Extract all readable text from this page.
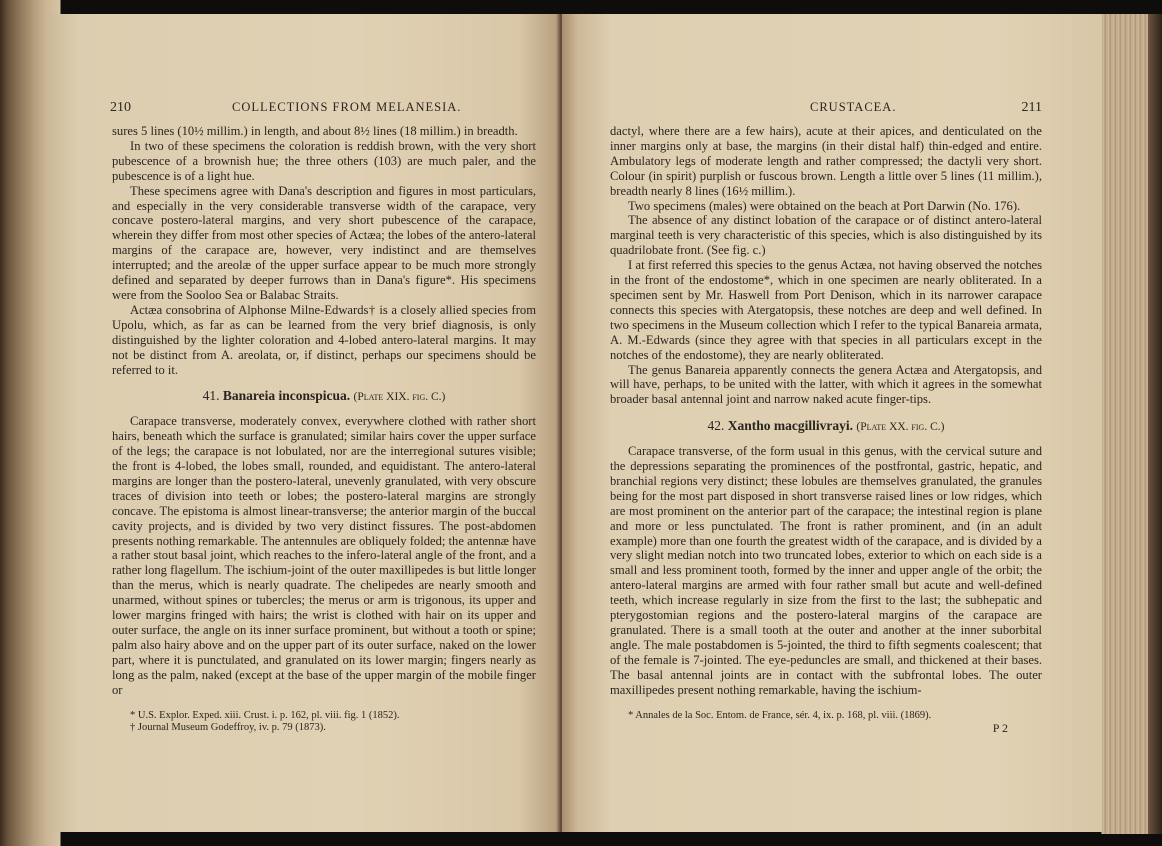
210	COLLECTIONS FROM MELANESIA.

sures 5 lines (10½ millim.) in length, and about 8½ lines (18 millim.) in breadth.

In two of these specimens the coloration is reddish brown, with the very short pubescence of a brownish hue; the three others (103) are much paler, and the pubescence is of a light hue.

These specimens agree with Dana's description and figures in most particulars, and especially in the very considerable transverse width of the carapace, very concave postero-lateral margins, and very short pubescence of the carapace, wherein they differ from most other species of Actæa; the lobes of the antero-lateral margins of the carapace are, however, very indistinct and are themselves interrupted; and the areolæ of the upper surface appear to be much more strongly defined and separated by deeper furrows than in Dana's figure*. His specimens were from the Sooloo Sea or Balabac Straits.

Actæa consobrina of Alphonse Milne-Edwards† is a closely allied species from Upolu, which, as far as can be learned from the very brief diagnosis, is only distinguished by the lighter coloration and 4-lobed antero-lateral margins. It may not be distinct from A. areolata, or, if distinct, perhaps our specimens should be referred to it.

41. Banareia inconspicua. (Plate XIX. fig. C.)

Carapace transverse, moderately convex, everywhere clothed with rather short hairs, beneath which the surface is granulated; similar hairs cover the upper surface of the legs; the carapace is not lobulated, nor are the interregional sutures visible; the front is 4-lobed, the lobes small, rounded, and equidistant. The antero-lateral margins are longer than the postero-lateral, unevenly granulated, with very obscure traces of division into teeth or lobes; the postero-lateral margins are strongly concave. The epistoma is almost linear-transverse; the anterior margin of the buccal cavity projects, and is divided by two very distinct fissures. The post-abdomen presents nothing remarkable. The antennules are obliquely folded; the antennæ have a rather stout basal joint, which reaches to the infero-lateral angle of the front, and a rather long flagellum. The ischium-joint of the outer maxillipedes is but little longer than the merus, which is nearly quadrate. The chelipedes are nearly smooth and unarmed, without spines or tubercles; the merus or arm is trigonous, its upper and lower margins fringed with hairs; the wrist is clothed with hair on its upper and outer surface, the angle on its inner surface prominent, but without a tooth or spine; palm also hairy above and on the upper part of its outer surface, naked on the lower part, where it is punctulated, and granulated on its lower margin; fingers nearly as long as the palm, naked (except at the base of the upper margin of the mobile finger or

* U.S. Explor. Exped. xiii. Crust. i. p. 162, pl. viii. fig. 1 (1852).
† Journal Museum Godeffroy, iv. p. 79 (1873).
CRUSTACEA.	211

dactyl, where there are a few hairs), acute at their apices, and denticulated on the inner margins only at base, the margins (in their distal half) thin-edged and entire. Ambulatory legs of moderate length and rather compressed; the dactyli very short. Colour (in spirit) purplish or fuscous brown. Length a little over 5 lines (11 millim.), breadth nearly 8 lines (16½ millim.).

Two specimens (males) were obtained on the beach at Port Darwin (No. 176).

The absence of any distinct lobation of the carapace or of distinct antero-lateral marginal teeth is very characteristic of this species, which is also distinguished by its quadrilobate front. (See fig. c.)

I at first referred this species to the genus Actæa, not having observed the notches in the front of the endostome*, which in one specimen are nearly obliterated. In a specimen sent by Mr. Haswell from Port Denison, which in its narrower carapace connects this species with Atergatopsis, these notches are deep and well defined. In two specimens in the Museum collection which I refer to the typical Banareia armata, A. M.-Edwards (since they agree with that species in all particulars except in the notches of the endostome), they are nearly obliterated.

The genus Banareia apparently connects the genera Actæa and Atergatopsis, and will have, perhaps, to be united with the latter, with which it agrees in the somewhat broader basal antennal joint and narrow naked acute finger-tips.

42. Xantho macgillivrayi. (Plate XX. fig. C.)

Carapace transverse, of the form usual in this genus, with the cervical suture and the depressions separating the prominences of the postfrontal, gastric, hepatic, and branchial regions very distinct; these lobules are themselves granulated, the granules being for the most part disposed in short transverse raised lines or low ridges, which are most prominent on the anterior part of the carapace; the intestinal region is plane and more or less punctulated. The front is rather prominent, and (in an adult example) more than one fourth the greatest width of the carapace, and is divided by a very slight median notch into two truncated lobes, exterior to which on each side is a small and less prominent tooth, formed by the inner and upper angle of the orbit; the antero-lateral margins are armed with four rather small but acute and well-defined teeth, which increase regularly in size from the first to the last; the subhepatic and pterygostomian regions and the postero-lateral margins of the carapace are granulated. There is a small tooth at the outer and another at the inner suborbital angle. The male postabdomen is 5-jointed, the third to fifth segments coalescent; that of the female is 7-jointed. The eye-peduncles are small, and thickened at their bases. The basal antennal joints are in contact with the subfrontal lobes. The outer maxillipedes present nothing remarkable, having the ischium-

* Annales de la Soc. Entom. de France, sér. 4, ix. p. 168, pl. viii. (1869).
P 2
